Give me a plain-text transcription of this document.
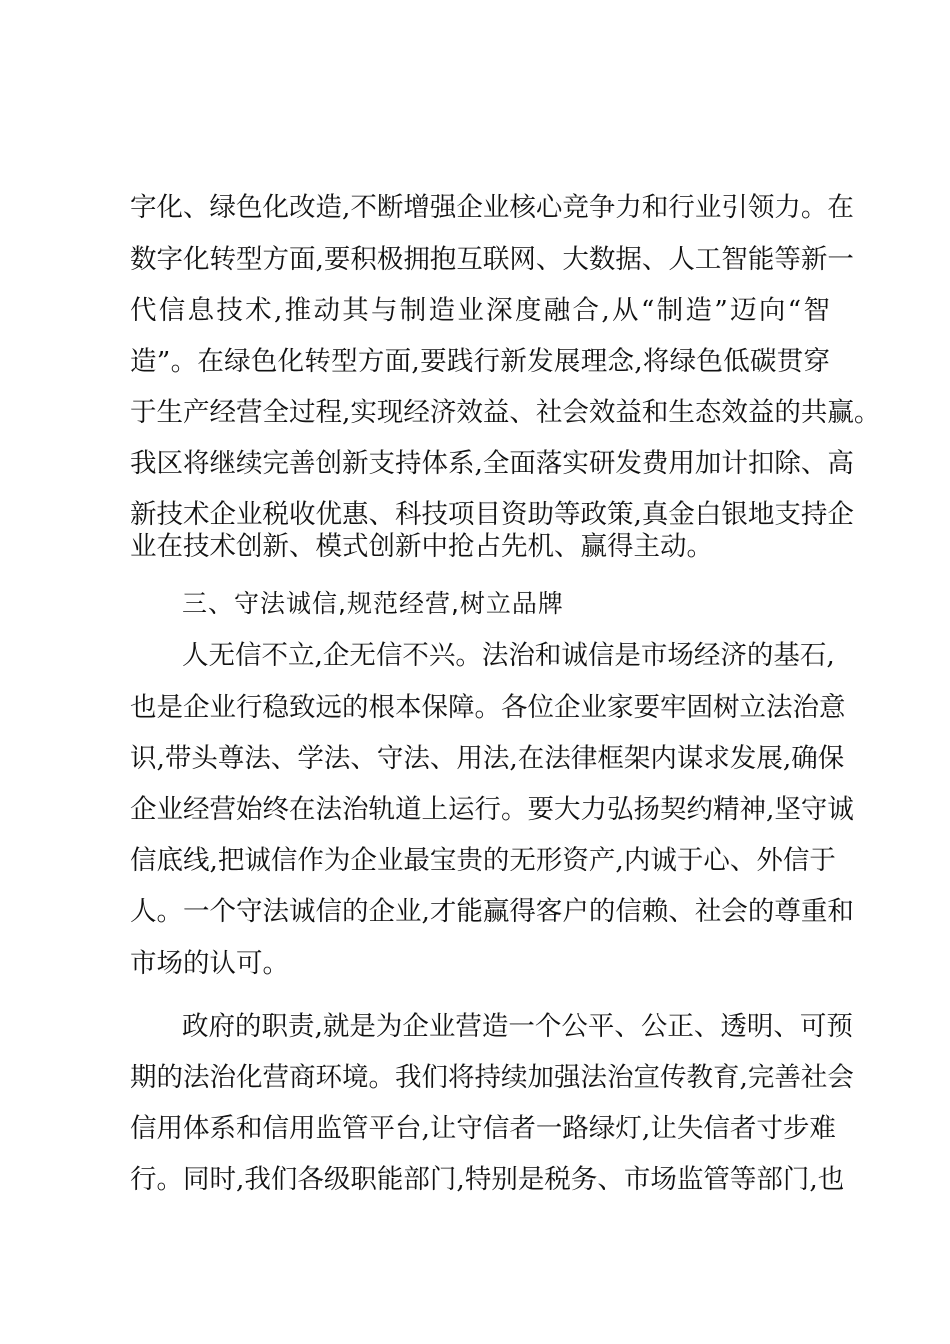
字化、绿色化改造,不断增强企业核心竞争力和行业引领力。在
数字化转型方面,要积极拥抱互联网、大数据、人工智能等新一
代信息技术,推动其与制造业深度融合,从“制造”迈向“智
造”。在绿色化转型方面,要践行新发展理念,将绿色低碳贯穿
于生产经营全过程,实现经济效益、社会效益和生态效益的共赢。
我区将继续完善创新支持体系,全面落实研发费用加计扣除、高
新技术企业税收优惠、科技项目资助等政策,真金白银地支持企
业在技术创新、模式创新中抢占先机、赢得主动。
三、守法诚信,规范经营,树立品牌
人无信不立,企无信不兴。法治和诚信是市场经济的基石,
也是企业行稳致远的根本保障。各位企业家要牢固树立法治意
识,带头尊法、学法、守法、用法,在法律框架内谋求发展,确保
企业经营始终在法治轨道上运行。要大力弘扬契约精神,坚守诚
信底线,把诚信作为企业最宝贵的无形资产,内诚于心、外信于
人。一个守法诚信的企业,才能赢得客户的信赖、社会的尊重和
市场的认可。
政府的职责,就是为企业营造一个公平、公正、透明、可预
期的法治化营商环境。我们将持续加强法治宣传教育,完善社会
信用体系和信用监管平台,让守信者一路绿灯,让失信者寸步难
行。同时,我们各级职能部门,特别是税务、市场监管等部门,也
